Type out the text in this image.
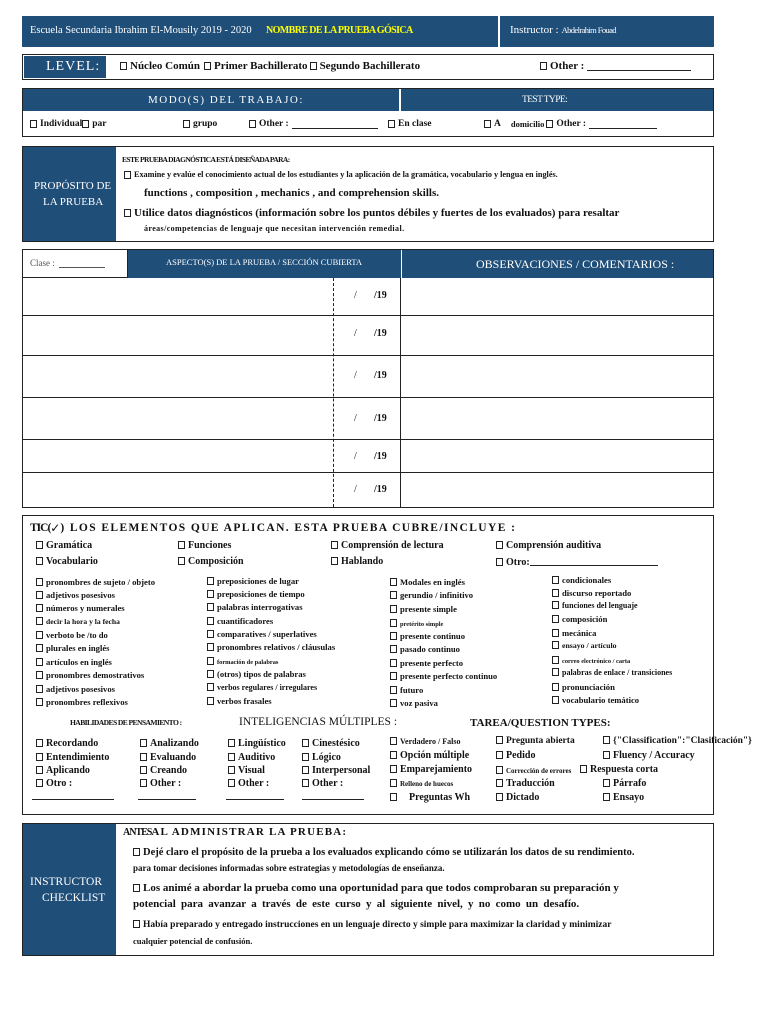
Escuela Secundaria Ibrahim El-Mousily 2019 - 2020 NOMBRE DE LA PRUEBA GÓSICA	Instructor : Abdelrahim Fouad
LEVEL:	Núcleo Común Primer Bachillerato Segundo Bachillerato	Other :
MODO(S) DEL TRABAJO:	TEST TYPE:
Individual par	grupo	Other :	En clase	A domicilio Other :
PROPÓSITO DE
LA PRUEBA
ESTE PRUEBA DIAGNÓSTICA ESTÁ DISEÑADA PARA:
Examine y evalúe el conocimiento actual de los estudiantes y la aplicación de la gramática, vocabulario y lengua en inglés.
functions , composition , mechanics , and comprehension skills.
Utilice datos diagnósticos (información sobre los puntos débiles y fuertes de los evaluados) para resaltar
áreas/competencias de lenguaje que necesitan intervención remedial.
Clase :	ASPECTO(S) DE LA PRUEBA / SECCIÓN CUBIERTA	OBSERVACIONES / COMENTARIOS :
/ /19
/ /19
/ /19
/ /19
/ /19
/ /19
TIC( ✓ ) LOS ELEMENTOS QUE APLICAN. ESTA PRUEBA CUBRE/INCLUYE :
Gramática	Funciones	Comprensión de lectura	Comprensión auditiva
Vocabulario	Composición	Hablando	Otro:
pronombres de sujeto / objeto
adjetivos posesivos
números y numerales
decir la hora y la fecha
verboto be /to do
plurales en inglés
artículos en inglés
pronombres demostrativos
adjetivos posesivos
pronombres reflexivos
preposiciones de lugar
preposiciones de tiempo
palabras interrogativas
cuantificadores
comparatives / superlatives
pronombres relativos / cláusulas
formación de palabras
(otros) tipos de palabras
verbos regulares / irregulares
verbos frasales
Modales en inglés
gerundio / infinitivo
presente simple
pretérito simple
presente continuo
pasado continuo
presente perfecto
presente perfecto continuo
futuro
voz pasiva
condicionales
discurso reportado
funciones del lenguaje
composición
mecánica
ensayo / artículo
correo electrónico / carta
palabras de enlace / transiciones
pronunciación
vocabulario temático
HABILIDADES DE PENSAMIENTO :	INTELIGENCIAS MÚLTIPLES :	TAREA/QUESTION TYPES:
Recordando	Analizando
Entendimiento	Evaluando
Aplicando	Creando
Otro :	Other :
Lingüístico	Cinestésico
Auditivo	Lógico
Visual	Interpersonal
Other :	Other :
Verdadero / Falso	Pregunta abierta	{"Classification":"Clasificación"}
Opción múltiple	Pedido	Fluency / Accuracy
Emparejamiento	Corrección de errores	Respuesta corta
Relleno de huecos	Traducción	Párrafo
Preguntas Wh	Dictado	Ensayo
INSTRUCTOR
CHECKLIST
ANTES AL ADMINISTRAR LA PRUEBA:
Dejé claro el propósito de la prueba a los evaluados explicando cómo se utilizarán los datos de su rendimiento.
para tomar decisiones informadas sobre estrategias y metodologías de enseñanza.
Los animé a abordar la prueba como una oportunidad para que todos comprobaran su preparación y
potencial para avanzar a través de este curso y al siguiente nivel, y no como un desafío.
Había preparado y entregado instrucciones en un lenguaje directo y simple para maximizar la claridad y minimizar
cualquier potencial de confusión.
